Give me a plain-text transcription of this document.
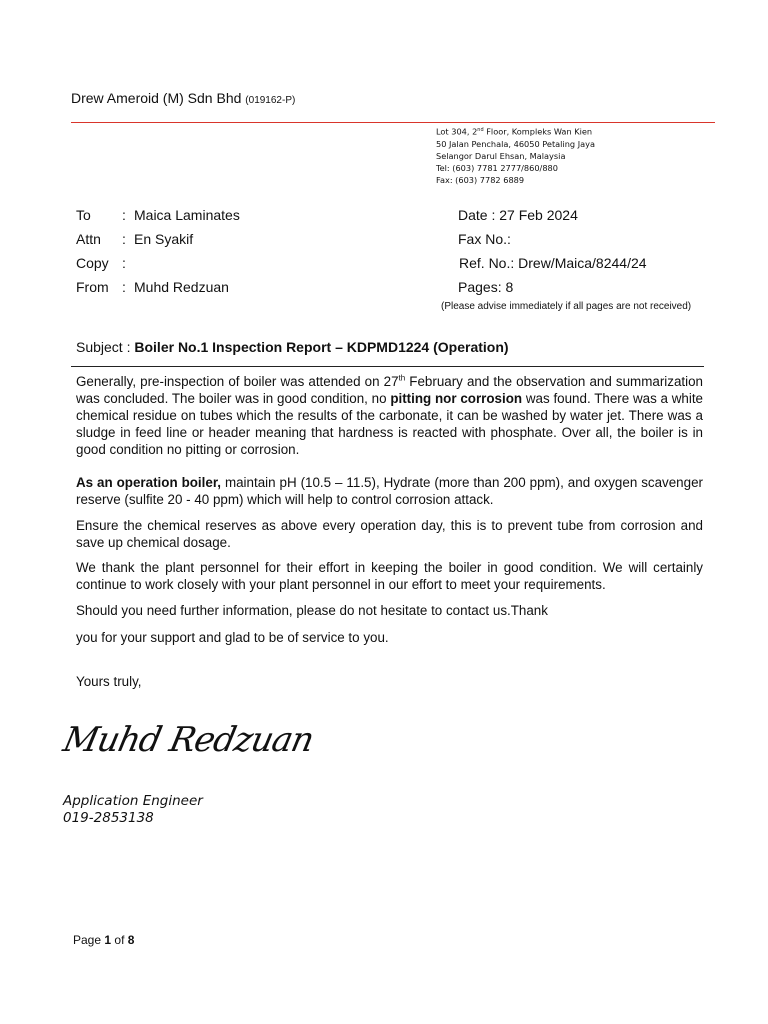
Drew Ameroid (M) Sdn Bhd (019162-P)
Lot 304, 2nd Floor, Kompleks Wan Kien
50 Jalan Penchala, 46050 Petaling Jaya
Selangor Darul Ehsan, Malaysia
Tel: (603) 7781 2777/860/880
Fax: (603) 7782 6889
To : Maica Laminates
Attn : En Syakif
Copy :
From : Muhd Redzuan
Date : 27 Feb 2024
Fax No.:
Ref. No.: Drew/Maica/8244/24
Pages: 8
(Please advise immediately if all pages are not received)
Subject : Boiler No.1 Inspection Report – KDPMD1224 (Operation)
Generally, pre-inspection of boiler was attended on 27th February and the observation and summarization was concluded. The boiler was in good condition, no pitting nor corrosion was found. There was a white chemical residue on tubes which the results of the carbonate, it can be washed by water jet. There was a sludge in feed line or header meaning that hardness is reacted with phosphate. Over all, the boiler is in good condition no pitting or corrosion.
As an operation boiler, maintain pH (10.5 – 11.5), Hydrate (more than 200 ppm), and oxygen scavenger reserve (sulfite 20 - 40 ppm) which will help to control corrosion attack.
Ensure the chemical reserves as above every operation day, this is to prevent tube from corrosion and save up chemical dosage.
We thank the plant personnel for their effort in keeping the boiler in good condition. We will certainly continue to work closely with your plant personnel in our effort to meet your requirements.
Should you need further information, please do not hesitate to contact us.Thank
you for your support and glad to be of service to you.
Yours truly,
Muhd Redzuan
Application Engineer
019-2853138
Page 1 of 8
